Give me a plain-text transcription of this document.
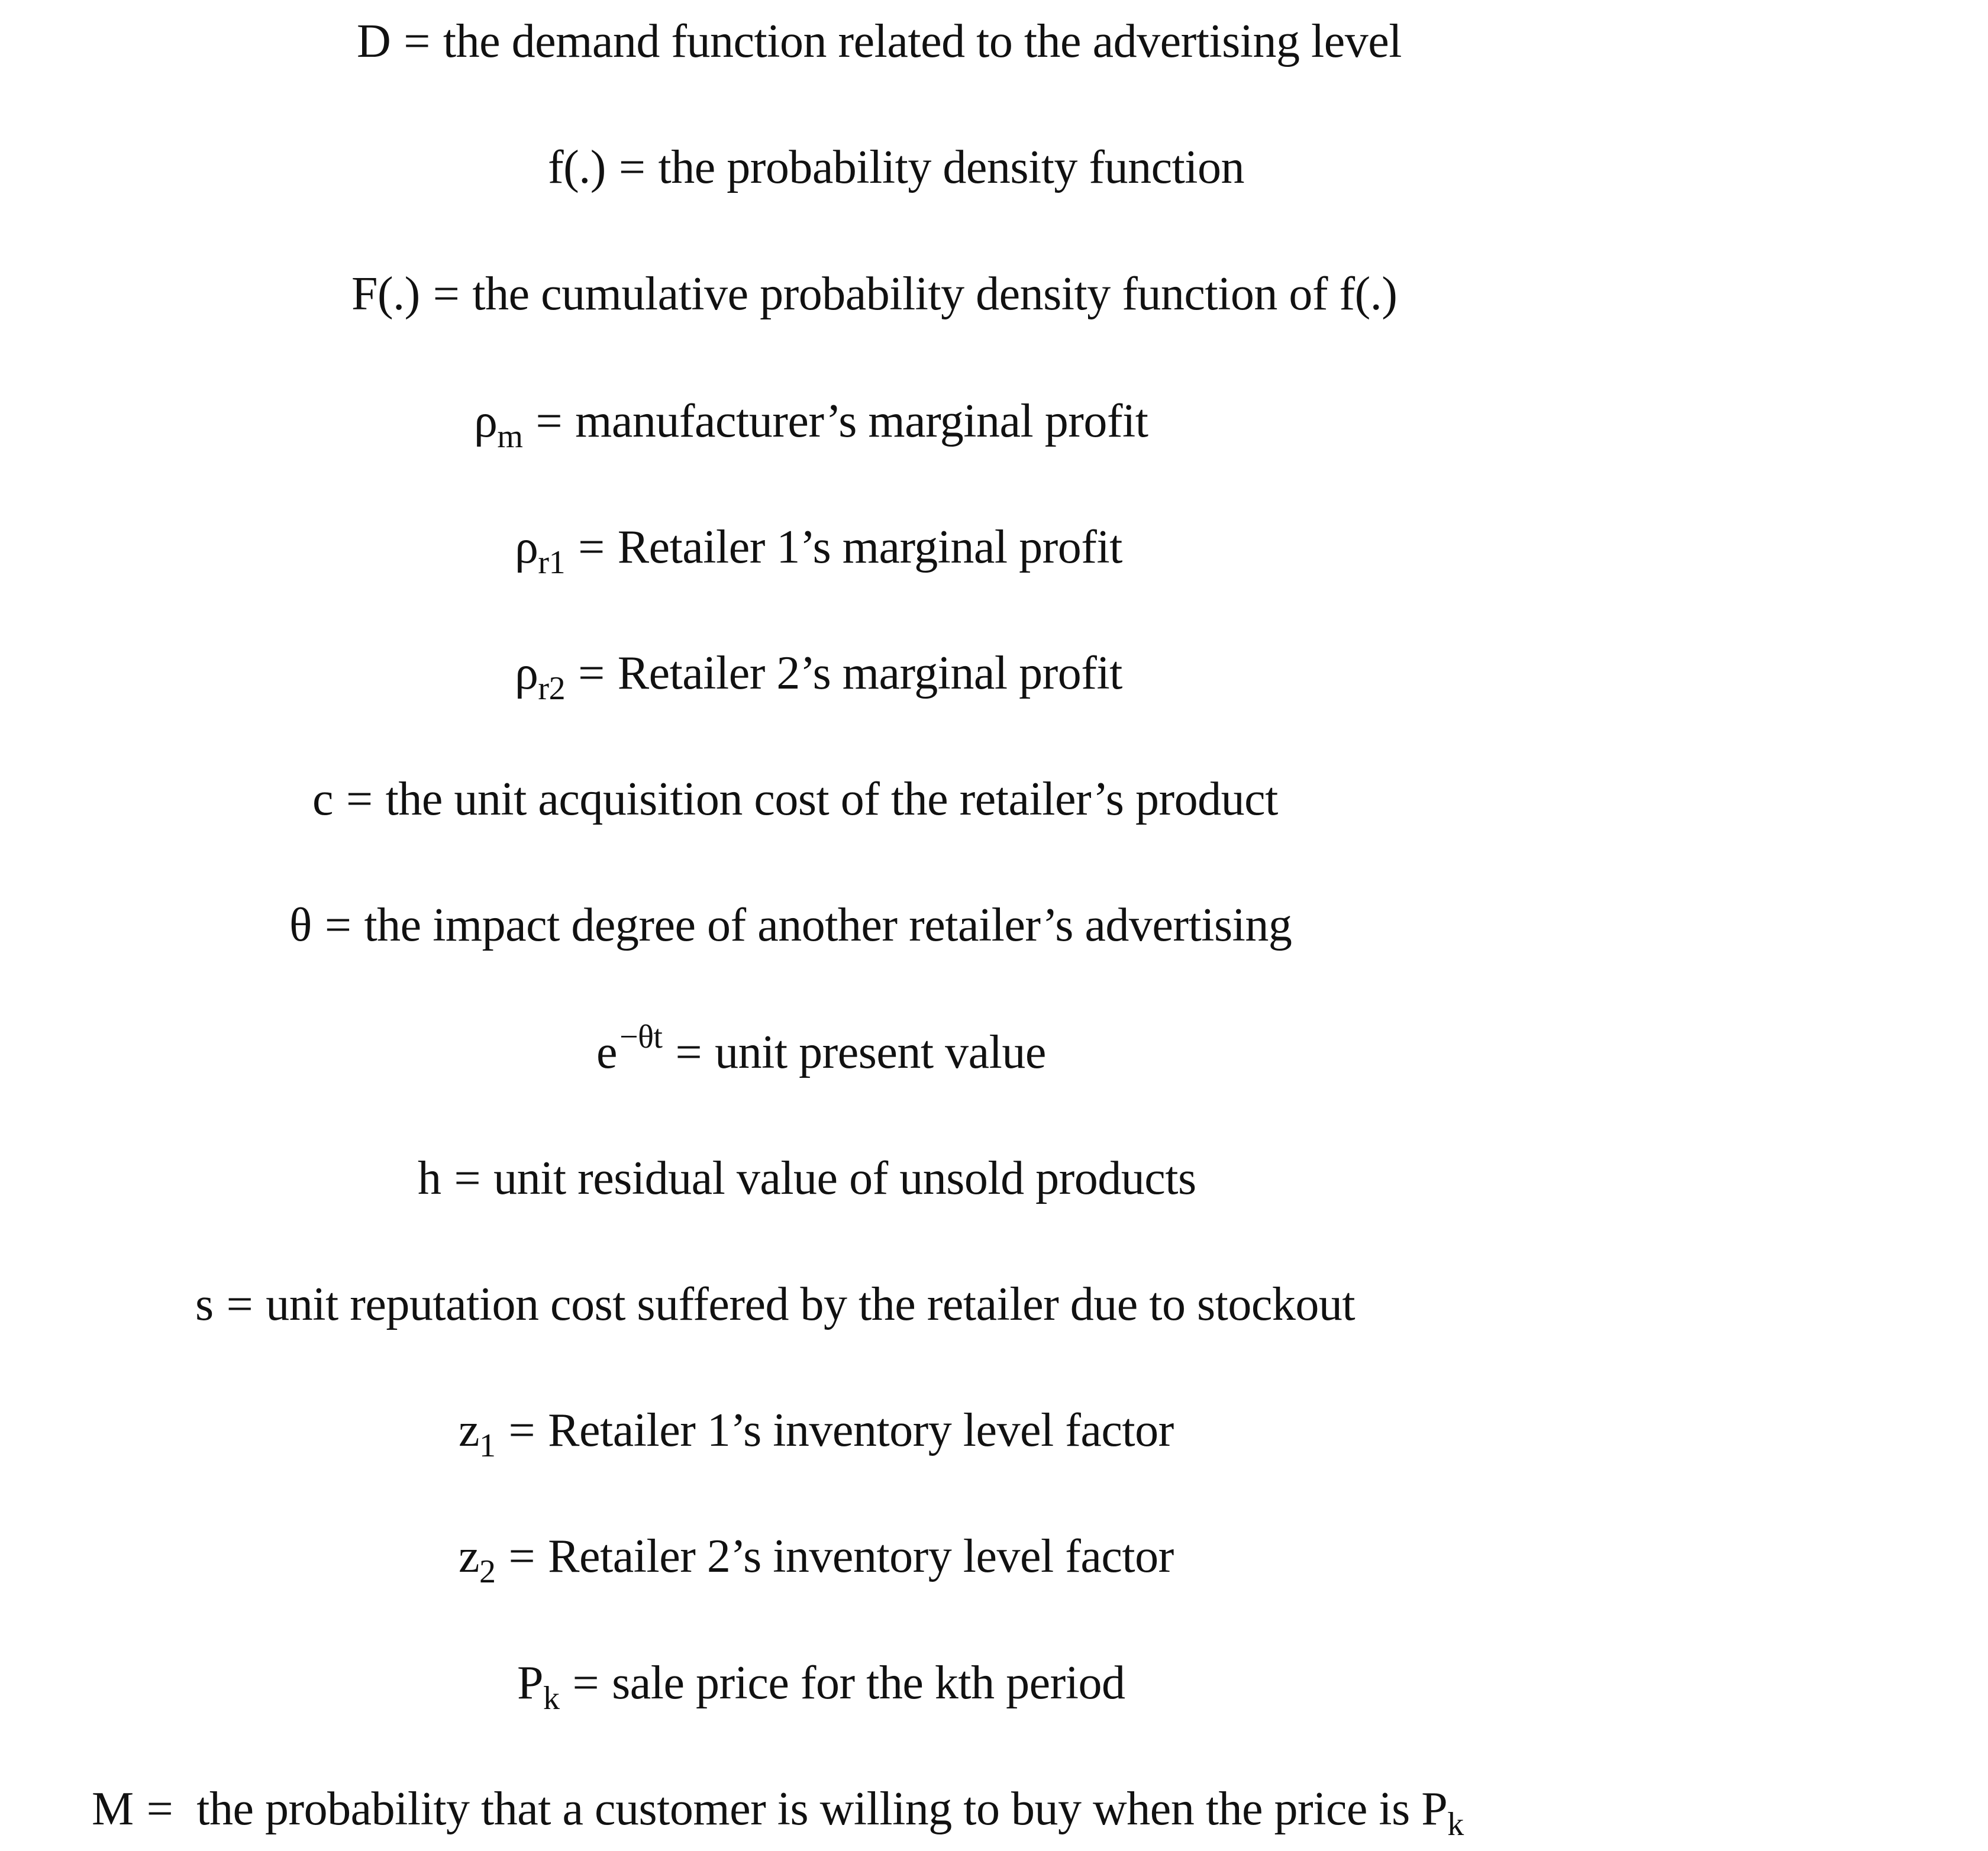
D = the demand function related to the advertising level
f(.) = the probability density function
F(.) = the cumulative probability density function of f(.)
ρm = manufacturer’s marginal profit
ρr1 = Retailer 1’s marginal profit
ρr2 = Retailer 2’s marginal profit
c = the unit acquisition cost of the retailer’s product
θ = the impact degree of another retailer’s advertising
e−θt = unit present value
h = unit residual value of unsold products
s = unit reputation cost suffered by the retailer due to stockout
z1 = Retailer 1’s inventory level factor
z2 = Retailer 2’s inventory level factor
Pk = sale price for the kth period
M = the probability that a customer is willing to buy when the price is Pk
